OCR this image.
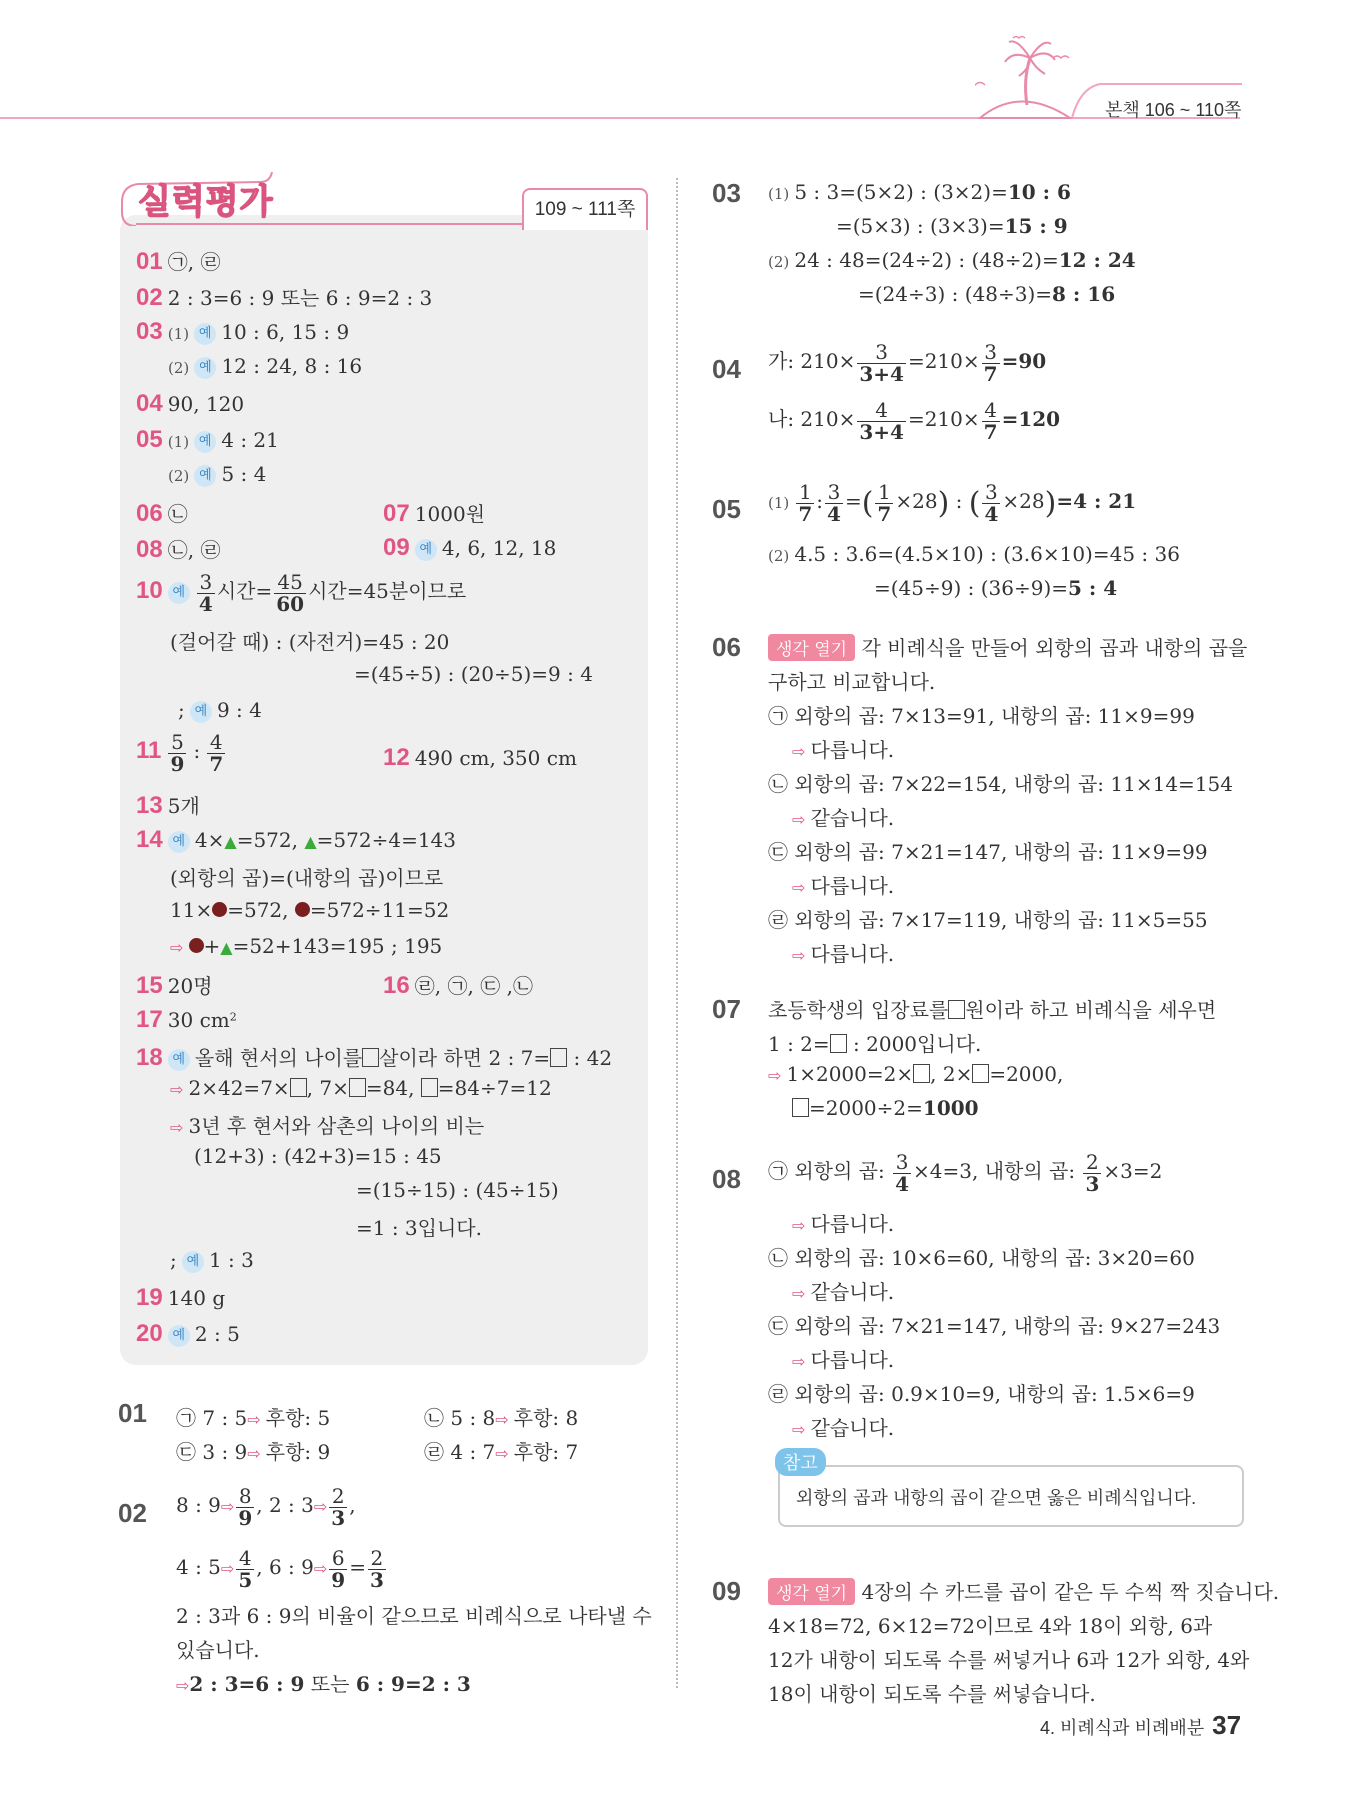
본책 106 ~ 110쪽
실력평가	109 ~ 111쪽
01 ㉠, ㉣
02 2 : 3=6 : 9 또는 6 : 9=2 : 3
03 (1) 예 10 : 6, 15 : 9
(2) 예 12 : 24, 8 : 16
04 90, 120
05 (1) 예 4 : 21
(2) 예 5 : 4
06 ㉡	07 1000원
08 ㉡, ㉣	09 예 4, 6, 12, 18
10 예 $\frac{3}{4}$ 시간= $\frac{45}{60}$ 시간=45분이므로
(걸어갈 때) : (자전거)=45 : 20
=(45÷5) : (20÷5)=9 : 4
; 예 9 : 4
$11 \frac{5}{9}$ : $\frac{4}{7}$	12 490 cm, 350 cm
13 5개
14 예 4×▲=572, ▲=572÷4=143
(외항의 곱)=(내항의 곱)이므로
11× =572, =572÷11=52
⇨ +▲=52+143=195 ; 195
15 20명	16 ㉣, ㉠, ㉢ ,㉡
17 30 $cm^2$
18 예 올해 현서의 나이를 살이라 하면 2 : 7= : 42
⇨ 2×42=7× , 7× =84, =84÷7=12
⇨ 3년 후 현서와 삼촌의 나이의 비는
(12+3) : (42+3)=15 : 45
=(15÷15) : (45÷15)
=1 : 3입니다.
; 예 1 : 3
19 140 g
20 예 2 : 5
01 ㉠ 7 : 5⇨ 후항: 5	㉡ 5 : 8⇨ 후항: 8
㉢ 3 : 9⇨ 후항: 9	㉣ 4 : 7⇨ 후항: 7
02 8 : 9⇨ $\frac{8}{9}$ , 2 : 3⇨ $\frac{2}{3}$ ,
4 : 5⇨ $\frac{4}{5}$ , 6 : 9⇨ $\frac{6}{9} = \frac{2}{3}$
2 : 3과 6 : 9의 비율이 같으므로 비례식으로 나타낼 수
있습니다.
⇨2 : 3=6 : 9 또는 6 : 9=2 : 3
03 (1) 5 : 3=(5×2) : (3×2)=10 : 6
=(5×3) : (3×3)=15 : 9
(2) 24 : 48=(24÷2) : (48÷2)=12 : 24
=(24÷3) : (48÷3)=8 : 16
04 가: $210\times \frac{3}{3+4} =210\times \frac{3}{7} =90$
나: $210\times \frac{4}{3+4} =210\times \frac{4}{7} =120$
05 $(1) \frac{1}{7}$ : $\frac{3}{4}$ =( $\frac{1}{7} \times 28$) : ( $\frac{3}{4} \times 28)=4$ : 21
(2) 4.5 : 3.6=(4.5×10) : (3.6×10)=45 : 36
=(45÷9) : (36÷9)=5 : 4
06	생각 열기 각 비례식을 만들어 외항의 곱과 내항의 곱을
구하고 비교합니다.
㉠ 외항의 곱: 7×13=91, 내항의 곱: 11×9=99
⇨ 다릅니다.
㉡ 외항의 곱: 7×22=154, 내항의 곱: 11×14=154
⇨ 같습니다.
㉢ 외항의 곱: 7×21=147, 내항의 곱: 11×9=99
⇨ 다릅니다.
㉣ 외항의 곱: 7×17=119, 내항의 곱: 11×5=55
⇨ 다릅니다.
07 초등학생의 입장료를 원이라 하고 비례식을 세우면
1 : 2= : 2000입니다.
⇨ 1×2000=2× , 2× =2000,
=2000÷2=1000
08 ㉠ 외항의 곱: $\frac{3}{4} \times 4=3$, 내항의 곱: $\frac{2}{3} \times 3=2$
⇨ 다릅니다.
㉡ 외항의 곱: 10×6=60, 내항의 곱: 3×20=60
⇨ 같습니다.
㉢ 외항의 곱: 7×21=147, 내항의 곱: 9×27=243
⇨ 다릅니다.
㉣ 외항의 곱: 0.9×10=9, 내항의 곱: 1.5×6=9
⇨ 같습니다.
참고
외항의 곱과 내항의 곱이 같으면 옳은 비례식입니다.
09	생각 열기 4장의 수 카드를 곱이 같은 두 수씩 짝 짓습니다.
4×18=72, 6×12=72이므로 4와 18이 외항, 6과
12가 내항이 되도록 수를 써넣거나 6과 12가 외항, 4와
18이 내항이 되도록 수를 써넣습니다.
4. 비례식과 비례배분 37
